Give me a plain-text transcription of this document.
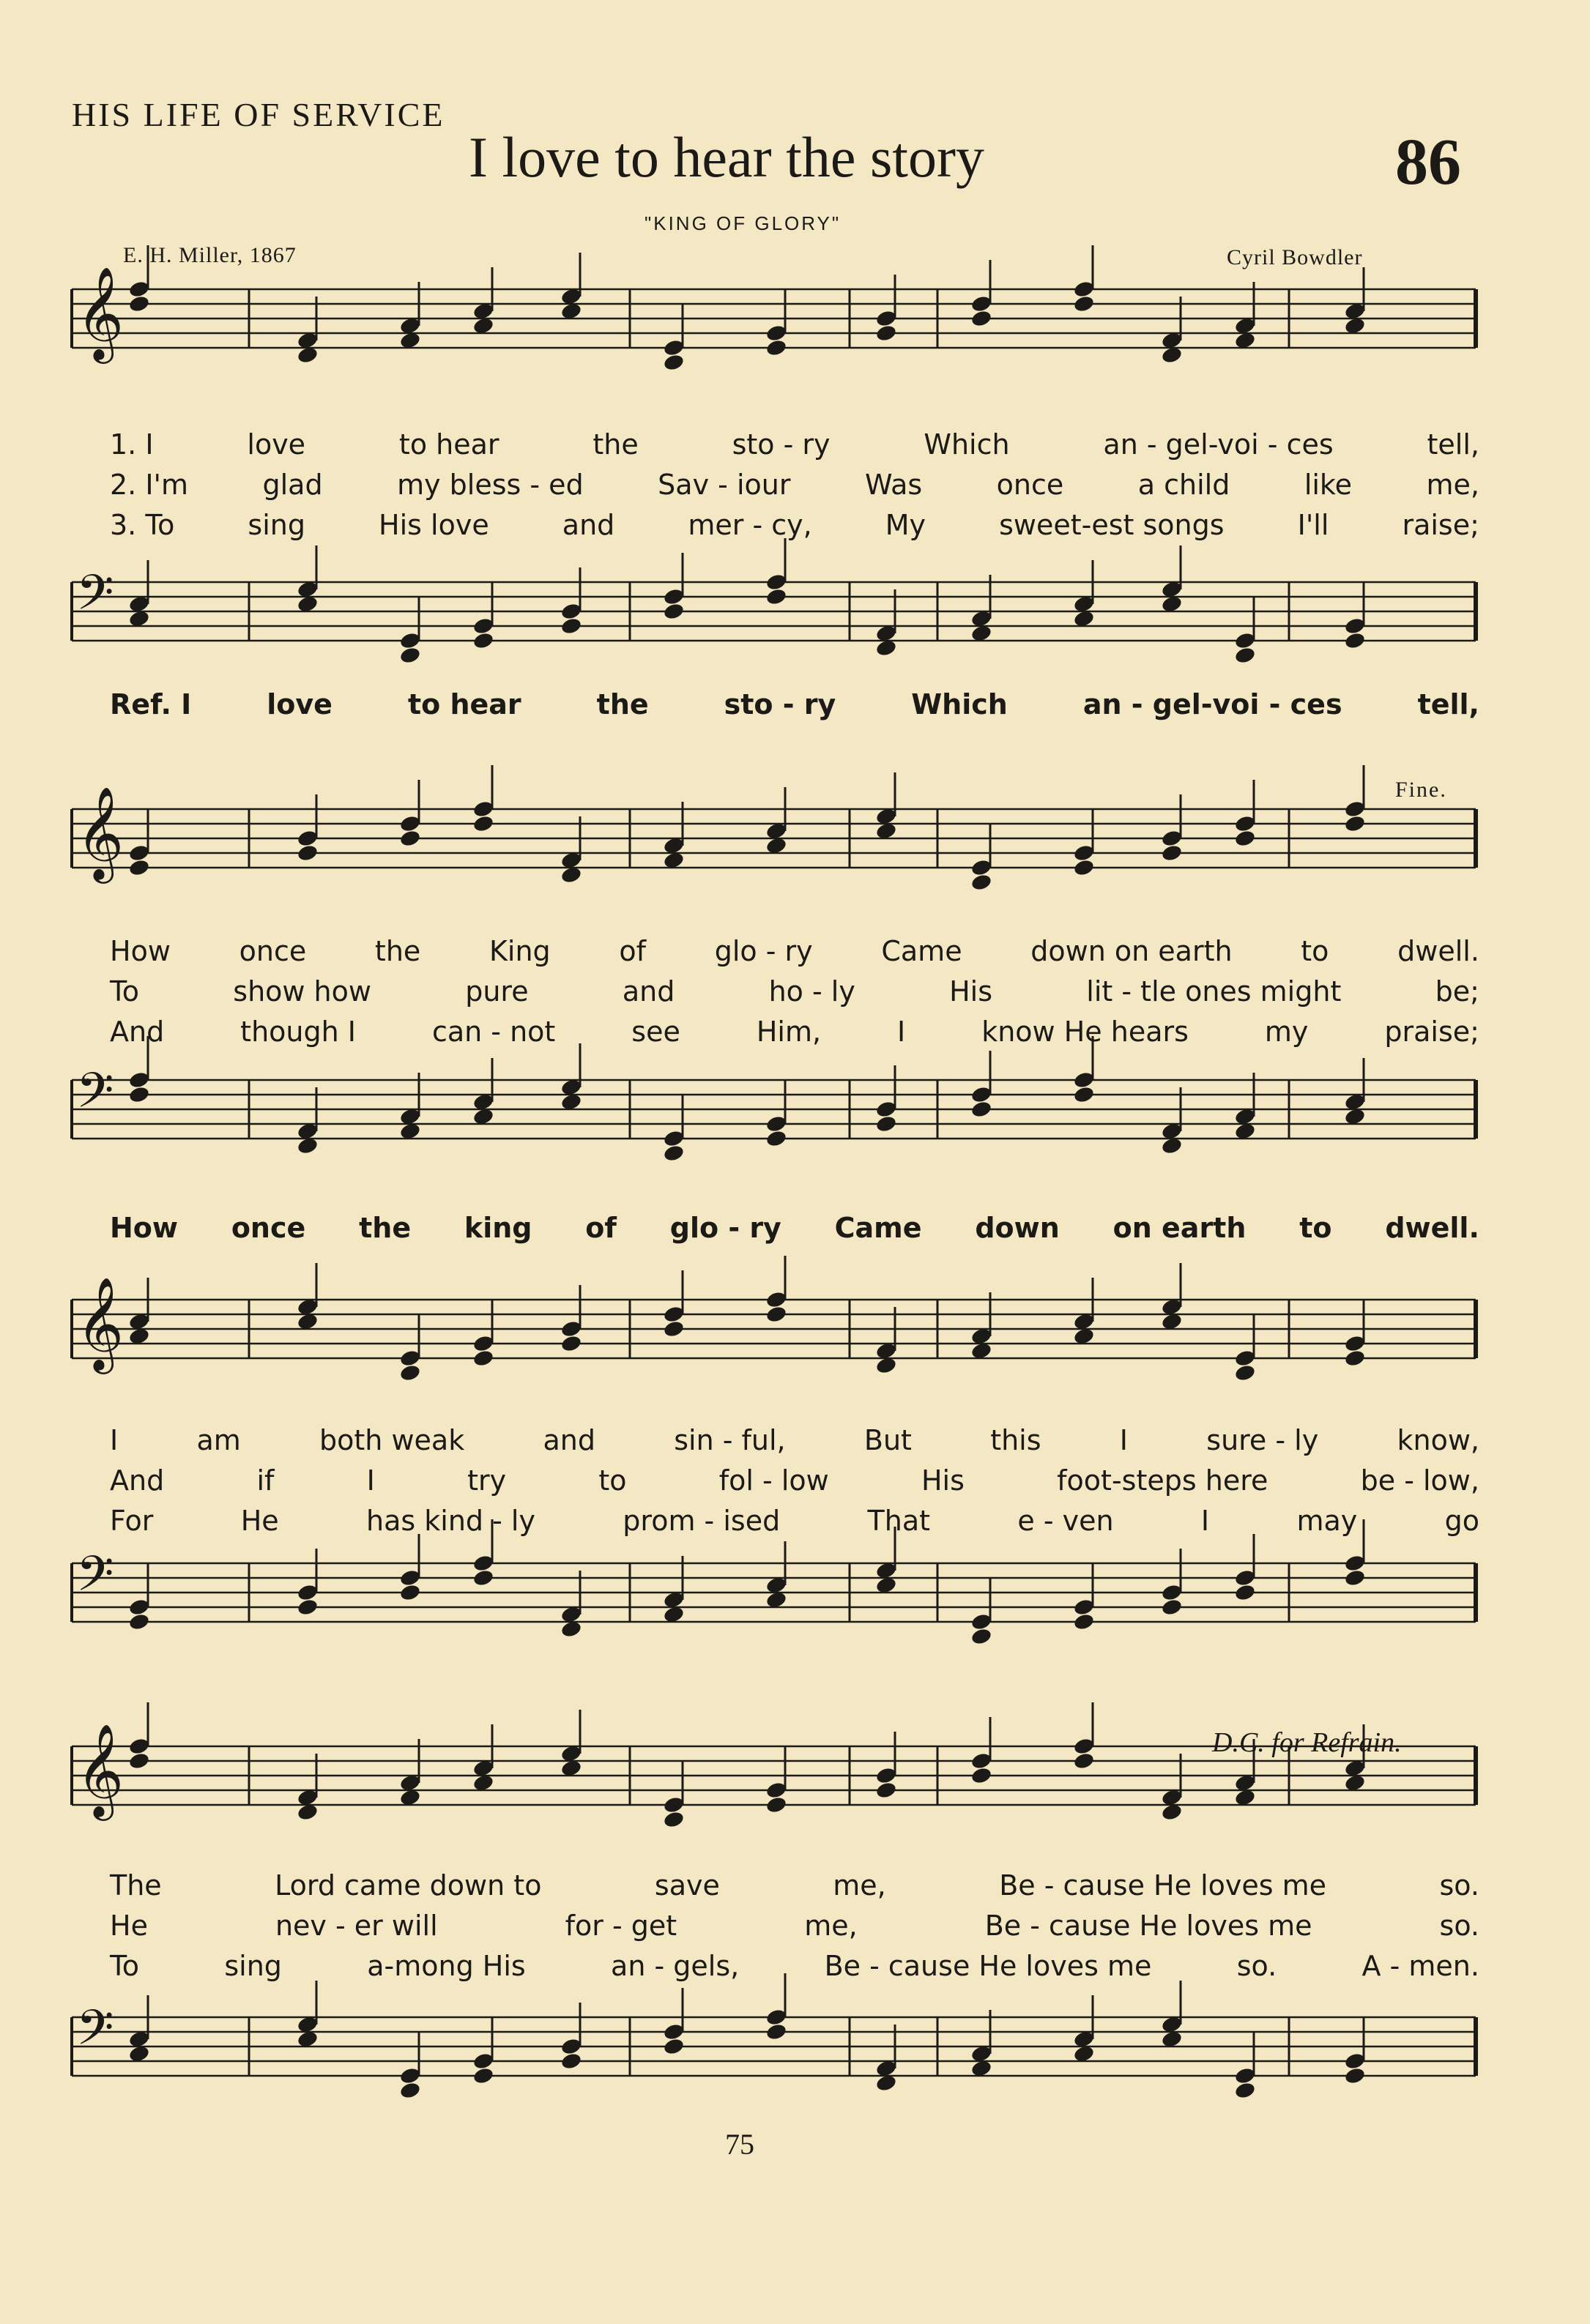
HIS LIFE OF SERVICE
I love to hear the story	86
"KING OF GLORY"
E. H. Miller, 1867	Cyril Bowdler
𝄞
𝄢
𝄞
𝄢
𝄞
𝄢
𝄞
𝄢
1. I	love	to hear	the	sto - ry	Which	an - gel-voi - ces	tell,
2. I'm	glad	my bless - ed	Sav - iour	Was	once	a child	like	me,
3. To	sing	His love	and	mer - cy,	My	sweet-est songs	I'll	raise;
Ref. I	love	to hear	the	sto - ry	Which	an - gel-voi - ces	tell,
Fine.
How once the King of glo - ry Came down on earth to dwell.
To	show how	pure	and	ho - ly	His	lit - tle ones might	be;
And	though I	can - not	see	Him,	I	know He hears	my	praise;
How once the king of glo - ry Came down on earth to dwell.
I	am	both weak	and	sin - ful,	But	this	I	sure - ly	know,
And	if	I	try	to	fol - low	His	foot-steps here	be - low,
For	He	has kind - ly	prom - ised	That	e - ven	I	may	go
D.C. for Refrain.
The	Lord came down to	save	me,	Be - cause He loves me	so.
He	nev - er will	for - get	me,	Be - cause He loves me	so.
To	sing	a-mong His	an - gels,	Be - cause He loves me	so.	A - men.
75
